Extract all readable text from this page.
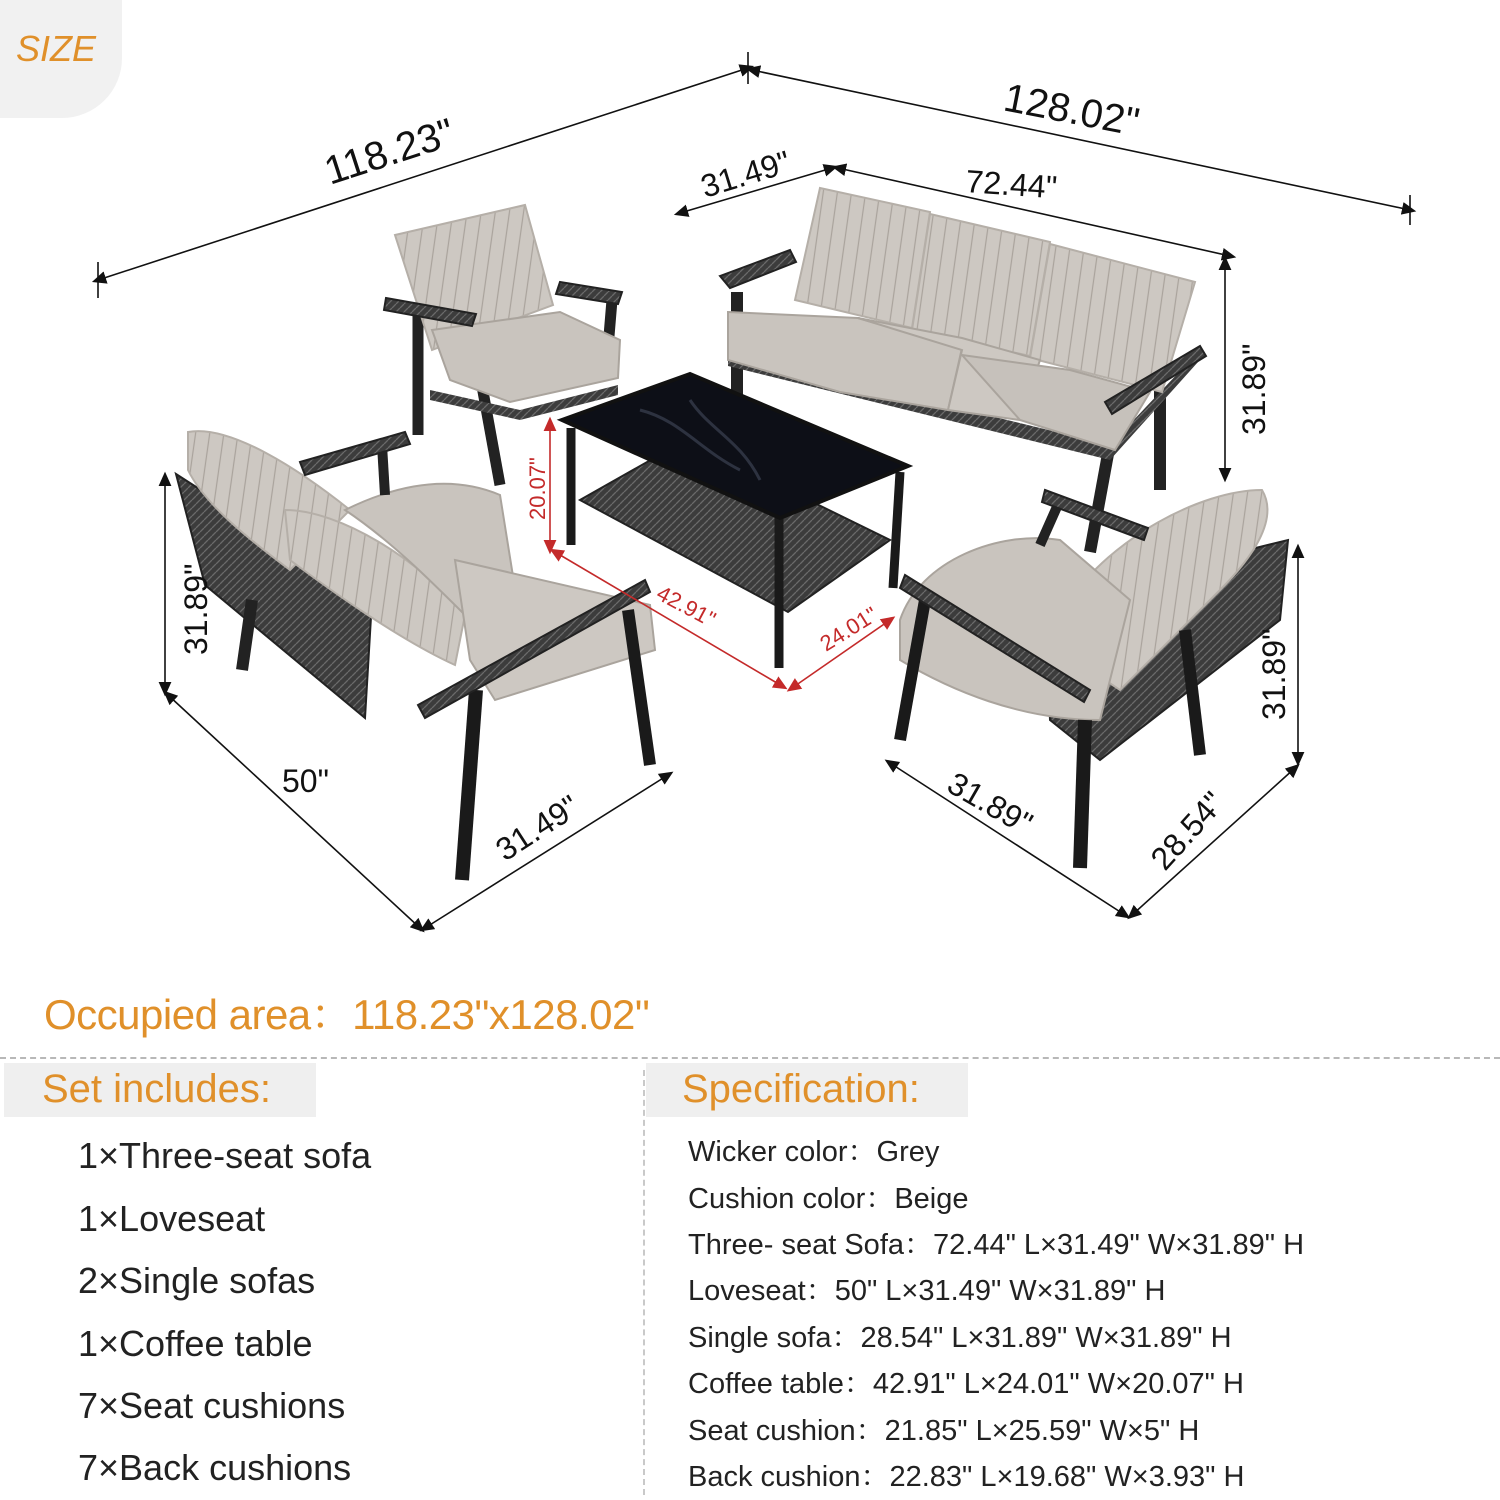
SIZE
118.23"
128.02"
31.49"	72.44"
31.89"
20.07"
42.91"	24.01"
31.89"
50"
31.49"
31.89"
31.89"	28.54"
Occupied area：118.23"x128.02"
Set includes:	Specification:
1×Three-seat sofa
1×Loveseat
2×Single sofas
1×Coffee table
7×Seat cushions
7×Back cushions
Wicker color：Grey
Cushion color：Beige
Three- seat Sofa：72.44" L×31.49" W×31.89" H
Loveseat：50" L×31.49" W×31.89" H
Single sofa：28.54" L×31.89" W×31.89" H
Coffee table：42.91" L×24.01" W×20.07" H
Seat cushion：21.85" L×25.59" W×5" H
Back cushion：22.83" L×19.68" W×3.93" H
